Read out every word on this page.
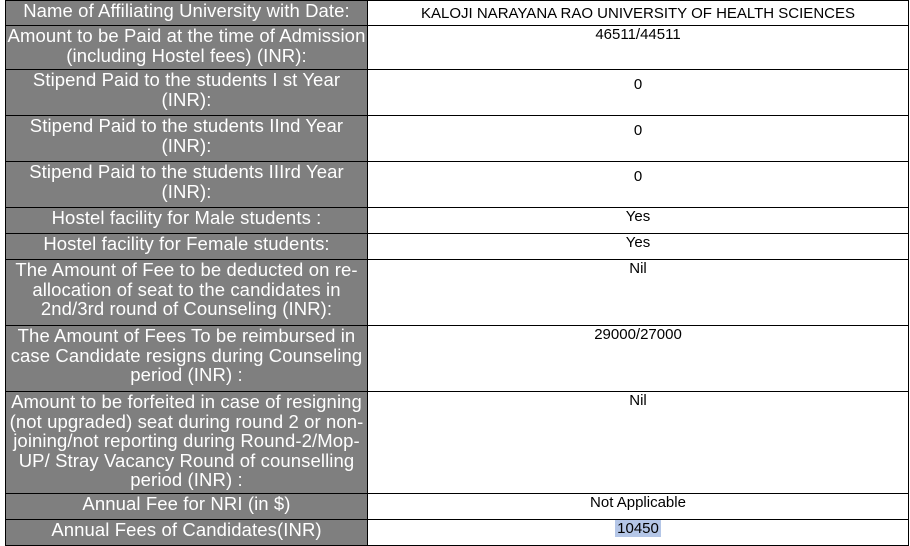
Name of Affiliating University with Date:	KALOJI NARAYANA RAO UNIVERSITY OF HEALTH SCIENCES
Amount to be Paid at the time of Admission (including Hostel fees) (INR):	46511/44511
Stipend Paid to the students I st Year (INR):	0
Stipend Paid to the students IInd Year (INR):	0
Stipend Paid to the students IIIrd Year (INR):	0
Hostel facility for Male students :	Yes
Hostel facility for Female students:	Yes
The Amount of Fee to be deducted on re-allocation of seat to the candidates in 2nd/3rd round of Counseling (INR):	Nil
The Amount of Fees To be reimbursed in case Candidate resigns during Counseling period (INR) :	29000/27000
Amount to be forfeited in case of resigning (not upgraded) seat during round 2 or non-joining/not reporting during Round-2/Mop-UP/ Stray Vacancy Round of counselling period (INR) :	Nil
Annual Fee for NRI (in $)	Not Applicable
Annual Fees of Candidates(INR)	10450
